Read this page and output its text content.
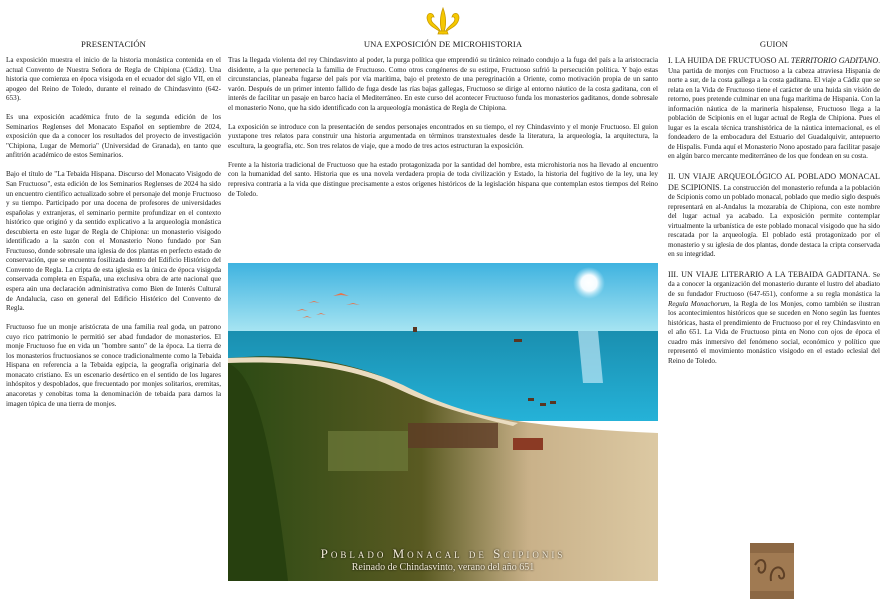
PRESENTACIÓN

La exposición muestra el inicio de la historia monástica contenida en el actual Convento de Nuestra Señora de Regla de Chipiona (Cádiz). Una historia que comienza en época visigoda en el ecuador del siglo VII, en el apogeo del Reino de Toledo, durante el reinado de Chindasvinto (642-653).

Es una exposición académica fruto de la segunda edición de los Seminarios Reglenses del Monacato Español en septiembre de 2024, exposición que da a conocer los resultados del proyecto de investigación "Chipiona, Lugar de Memoria" (Universidad de Granada), en tanto que anfitrión académico de estos Seminarios.

Bajo el título de "La Tebaida Hispana. Discurso del Monacato Visigodo de San Fructuoso", esta edición de los Seminarios Reglenses de 2024 ha sido un encuentro científico actualizado sobre el personaje del monje Fructuoso y su tiempo. Participado por una docena de profesores de universidades españolas y extranjeras, el seminario permite profundizar en el contexto histórico que originó y da sentido explicativo a la arqueología monástica descubierta en este lugar de Regla de Chipiona: un monasterio visigodo identificado a la sazón con el Monasterio Nono fundado por San Fructuoso, donde sobresale una iglesia de dos plantas en perfecto estado de conservación, que se encuentra fosilizada dentro del Edificio Histórico del Convento de Regla. La cripta de esta iglesia es la única de época visigoda conservada completa en España, una exclusiva obra de arte nacional que espera aún una declaración administrativa como Bien de Interés Cultural de Andalucía, caso en general del Edificio Histórico del Convento de Regla.

Fructuoso fue un monje aristócrata de una familia real goda, un patrono cuyo rico patrimonio le permitió ser abad fundador de monasterios. El monje Fructuoso fue en vida un "hombre santo" de la época. La tierra de los monasterios fructuosianos se conoce tradicionalmente como la Tebaida Hispana en referencia a la Tebaida egipcia, la geografía originaria del monacato cristiano. Es un escenario desértico en el sentido de los lugares inhóspitos y despoblados, que frecuentado por monjes solitarios, eremitas, anacoretas y cenobitas toma la denominación de tebaida para darnos la imagen tópica de una tierra de monjes.

UNA EXPOSICIÓN DE MICROHISTORIA

Tras la llegada violenta del rey Chindasvinto al poder, la purga política que emprendió su tiránico reinado condujo a la fuga del país a la aristocracia disidente, a la que pertenecía la familia de Fructuoso. Como otros congéneres de su estirpe, Fructuoso sufrió la persecución política. Y bajo estas circunstancias, planeaba fugarse del país por vía marítima, bajo el pretexto de una peregrinación a Oriente, como motivación propia de un santo varón. Después de un primer intento fallido de fuga desde las rías bajas gallegas, Fructuoso se dirige al entorno náutico de la costa gaditana, con el interés de facilitar un pasaje en barco hacia el Mediterráneo. En este curso del acontecer Fructuoso funda los monasterios gaditanos, donde sobresale el monasterio Nono, que ha sido identificado con la arqueología monástica de Regla de Chipiona.

La exposición se introduce con la presentación de sendos personajes encontrados en su tiempo, el rey Chindasvinto y el monje Fructuoso. El guion yuxtapone tres relatos para construir una historia argumentada en términos transtextuales desde la literatura, la arqueología, la arquitectura, la escultura, la geografía, etc. Son tres relatos de viaje, que a modo de tres actos estructuran la exposición.

Frente a la historia tradicional de Fructuoso que ha estado protagonizada por la santidad del hombre, esta microhistoria nos ha llevado al encuentro con la humanidad del santo. Historia que es una novela verdadera propia de toda civilización y Estado, la historia del fugitivo de la ley, una ley represiva contraria a la vida que distingue precisamente a estos orígenes históricos de la legislación hispana que contemplan estos tiempos del Reino de Toledo.

Poblado Monacal de Scipionis
Reinado de Chindasvinto, verano del año 651
GUION

I. LA HUIDA DE FRUCTUOSO AL TERRITORIO GADITANO. Una partida de monjes con Fructuoso a la cabeza atraviesa Hispania de norte a sur, de la costa gallega a la costa gaditana. El viaje a Cádiz que se relata en la Vida de Fructuoso tiene el carácter de una huida sin visión de retorno, pues pretende culminar en una fuga marítima de Hispania. Con la información náutica de la marinería hispalense, Fructuoso llega a la población de Scipionis en el lugar actual de Regla de Chipiona. Pues el lugar es la escala técnica transhistórica de la náutica internacional, es el fondeadero de la embocadura del Estuario del Guadalquivir, antepuerto de Hispalis. Funda aquí el Monasterio Nono apostado para facilitar pasaje en algún barco mercante mediterráneo de los que fondean en su costa.

II. UN VIAJE ARQUEOLÓGICO AL POBLADO MONACAL DE SCIPIONIS. La construcción del monasterio refunda a la población de Scipionis como un poblado monacal, poblado que medio siglo después representará en al-Andalus la mozarabía de Chipiona, con este nombre del lugar actual ya acabado. La exposición permite contemplar virtualmente la urbanística de este poblado monacal visigodo que ha sido rescatada por la arqueología. El poblado está protagonizado por el monasterio y su iglesia de dos plantas, donde destaca la cripta conservada en su integridad.

III. UN VIAJE LITERARIO A LA TEBAIDA GADITANA. Se da a conocer la organización del monasterio durante el lustro del abadiato de su fundador Fructuoso (647-651), conforme a su regla monástica la Regula Monachorum, la Regla de los Monjes, como también se ilustran los acontecimientos históricos que se suceden en Nono según las fuentes históricas, hasta el prendimiento de Fructuoso por el rey Chindasvinto en el año 651. La Vida de Fructuoso pinta en Nono con ojos de época el cuadro más inmersivo del fenómeno social, económico y político que representó el movimiento monástico visigodo en el estado eclesial del Reino de Toledo.
